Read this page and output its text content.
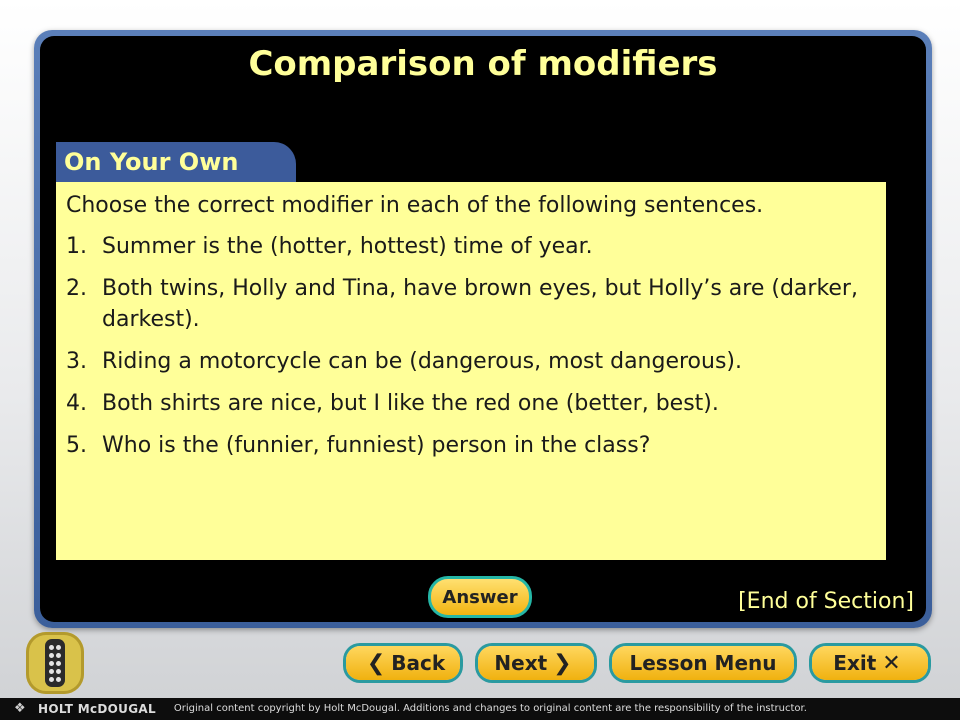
Comparison of modifiers
On Your Own

Choose the correct modifier in each of the following sentences.

1. Summer is the (hotter, hottest) time of year.
2. Both twins, Holly and Tina, have brown eyes, but Holly’s are (darker, darkest).
3. Riding a motorcycle can be (dangerous, most dangerous).
4. Both shirts are nice, but I like the red one (better, best).
5. Who is the (funnier, funniest) person in the class?
Answer	[End of Section]
❮ Back Next ❯	Lesson Menu	Exit ✕
❖	HOLT McDOUGAL Original content copyright by Holt McDougal. Additions and changes to original content are the responsibility of the instructor.
